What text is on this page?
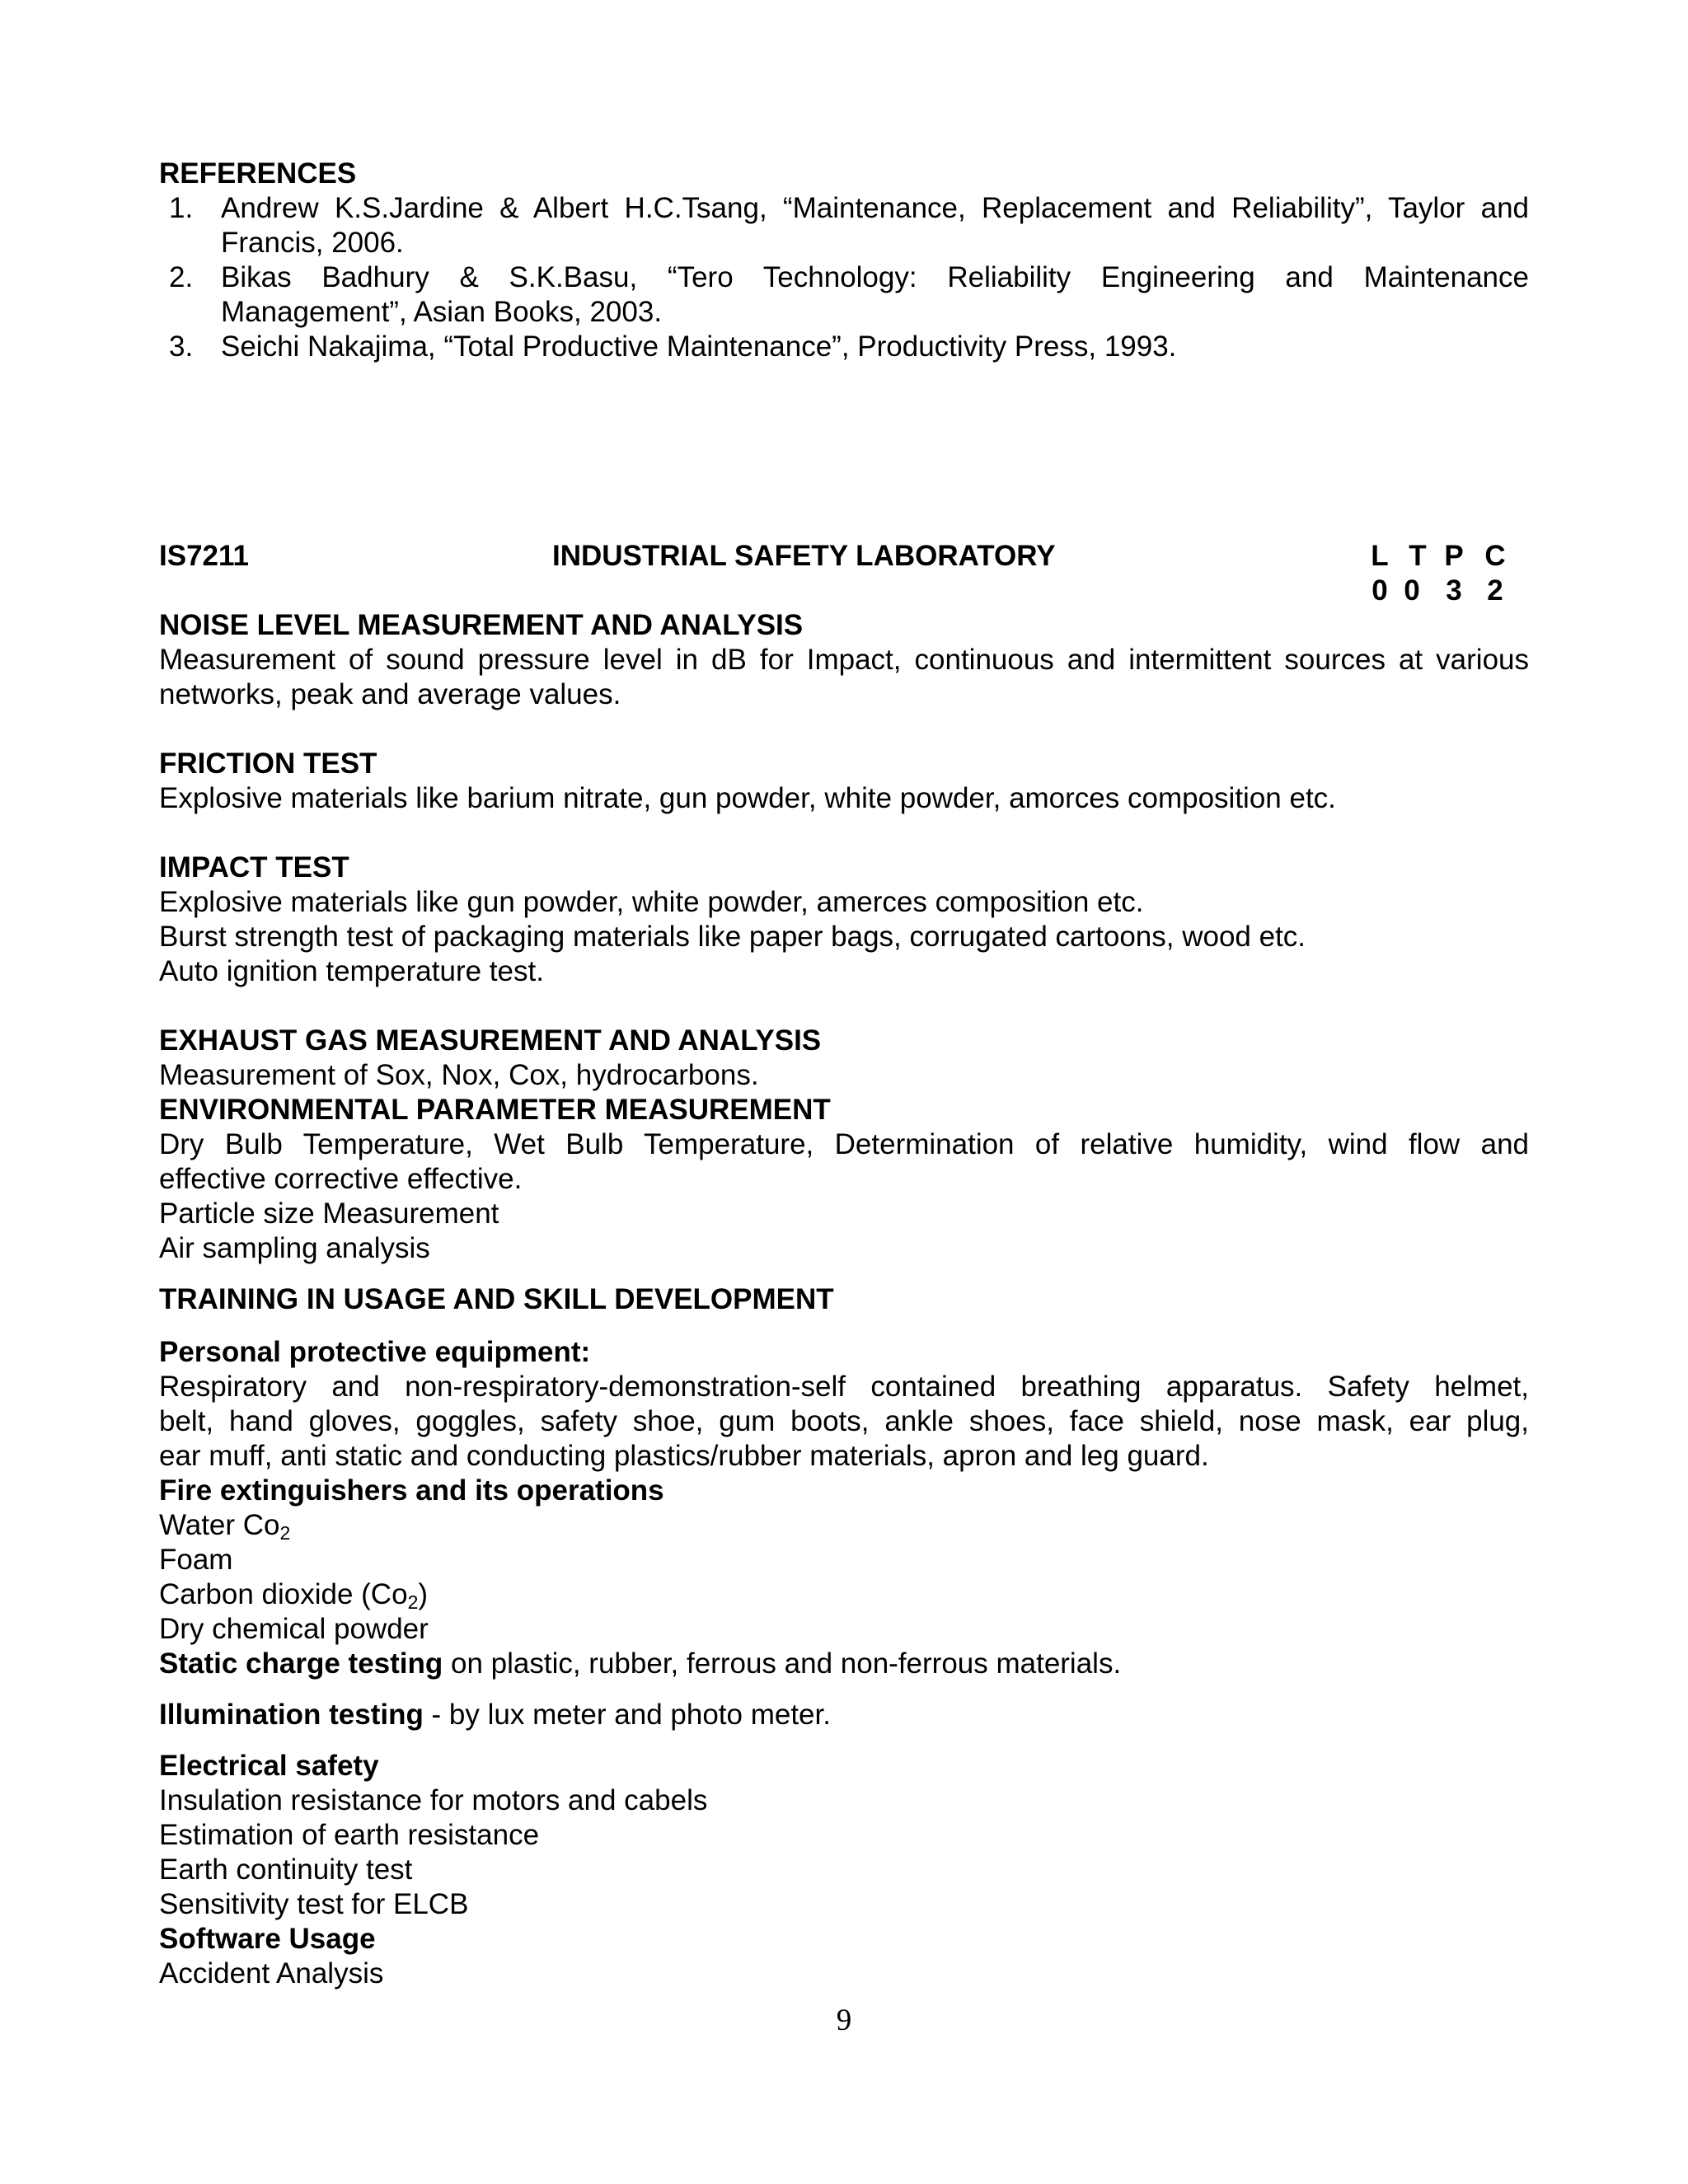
REFERENCES
1. Andrew K.S.Jardine & Albert H.C.Tsang, “Maintenance, Replacement and Reliability”, Taylor and
Francis, 2006.
2. Bikas Badhury & S.K.Basu, “Tero Technology: Reliability Engineering and Maintenance
Management”, Asian Books, 2003.
3. Seichi Nakajima, “Total Productive Maintenance”, Productivity Press, 1993.
IS7211	INDUSTRIAL SAFETY LABORATORY	L T P C
0 0 3 2
NOISE LEVEL MEASUREMENT AND ANALYSIS
Measurement of sound pressure level in dB for Impact, continuous and intermittent sources at various
networks, peak and average values.
FRICTION TEST
Explosive materials like barium nitrate, gun powder, white powder, amorces composition etc.
IMPACT TEST
Explosive materials like gun powder, white powder, amerces composition etc.
Burst strength test of packaging materials like paper bags, corrugated cartoons, wood etc.
Auto ignition temperature test.
EXHAUST GAS MEASUREMENT AND ANALYSIS
Measurement of Sox, Nox, Cox, hydrocarbons.
ENVIRONMENTAL PARAMETER MEASUREMENT
Dry Bulb Temperature, Wet Bulb Temperature, Determination of relative humidity, wind flow and
effective corrective effective.
Particle size Measurement
Air sampling analysis
TRAINING IN USAGE AND SKILL DEVELOPMENT
Personal protective equipment:
Respiratory and non-respiratory-demonstration-self contained breathing apparatus. Safety helmet,
belt, hand gloves, goggles, safety shoe, gum boots, ankle shoes, face shield, nose mask, ear plug,
ear muff, anti static and conducting plastics/rubber materials, apron and leg guard.
Fire extinguishers and its operations
Water $Co_2$
Foam
Carbon dioxide $(Co_2)$
Dry chemical powder
Static charge testing on plastic, rubber, ferrous and non-ferrous materials.
Illumination testing - by lux meter and photo meter.
Electrical safety
Insulation resistance for motors and cabels
Estimation of earth resistance
Earth continuity test
Sensitivity test for ELCB
Software Usage
Accident Analysis
9
